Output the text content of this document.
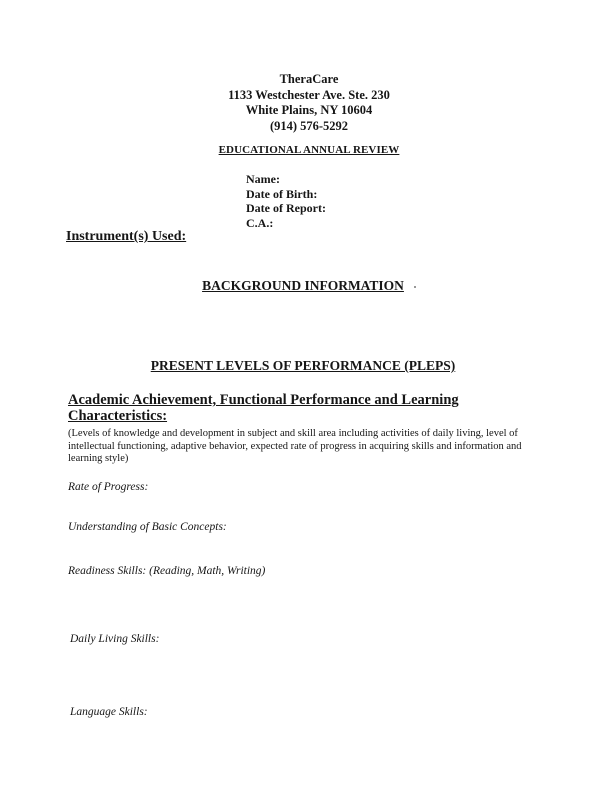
TheraCare
1133 Westchester Ave. Ste. 230
White Plains, NY 10604
(914) 576-5292
EDUCATIONAL ANNUAL REVIEW
Name:
Date of Birth:
Date of Report:
C.A.:
Instrument(s) Used:
BACKGROUND INFORMATION
PRESENT LEVELS OF PERFORMANCE (PLEPS)
Academic Achievement, Functional Performance and Learning
Characteristics:
(Levels of knowledge and development in subject and skill area including activities of daily living, level of intellectual functioning, adaptive behavior, expected rate of progress in acquiring skills and information and learning style)
Rate of Progress:
Understanding of Basic Concepts:
Readiness Skills: (Reading, Math, Writing)
Daily Living Skills:
Language Skills:
